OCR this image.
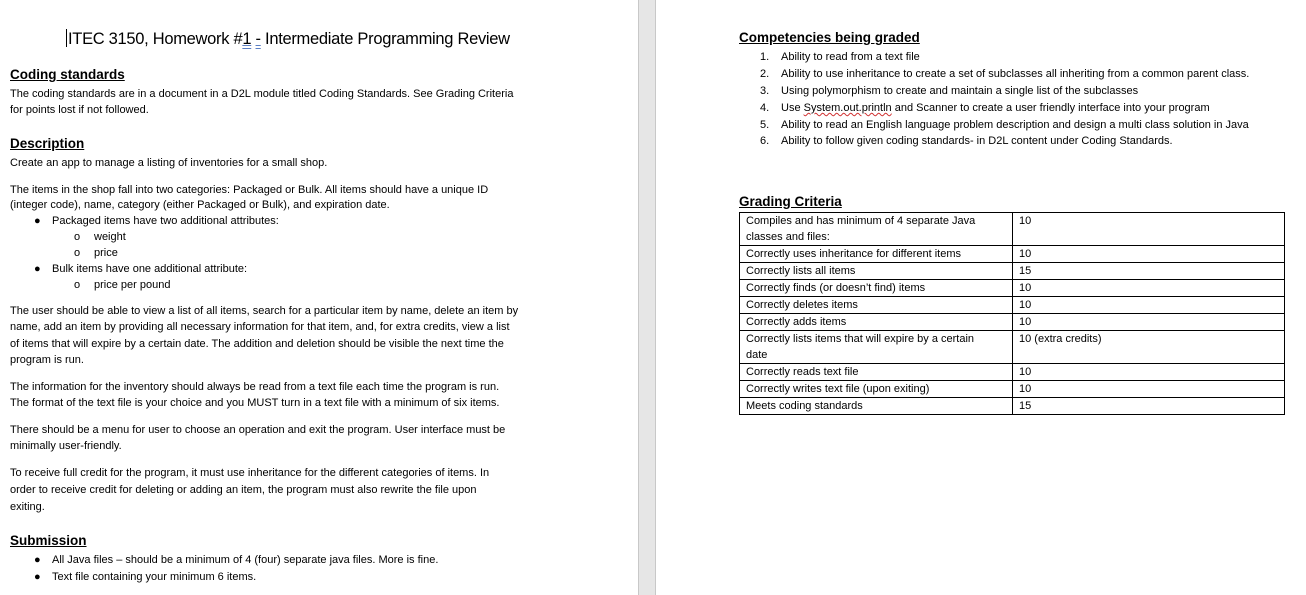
ITEC 3150, Homework #1 - Intermediate Programming Review
Coding standards
The coding standards are in a document in a D2L module titled Coding Standards. See Grading Criteria
for points lost if not followed.
Description
Create an app to manage a listing of inventories for a small shop.
The items in the shop fall into two categories: Packaged or Bulk. All items should have a unique ID
(integer code), name, category (either Packaged or Bulk), and expiration date.
● Packaged items have two additional attributes:
o weight
o price
● Bulk items have one additional attribute:
o price per pound
The user should be able to view a list of all items, search for a particular item by name, delete an item by
name, add an item by providing all necessary information for that item, and, for extra credits, view a list
of items that will expire by a certain date. The addition and deletion should be visible the next time the
program is run.
The information for the inventory should always be read from a text file each time the program is run.
The format of the text file is your choice and you MUST turn in a text file with a minimum of six items.
There should be a menu for user to choose an operation and exit the program. User interface must be
minimally user-friendly.
To receive full credit for the program, it must use inheritance for the different categories of items. In
order to receive credit for deleting or adding an item, the program must also rewrite the file upon
exiting.
Submission
● All Java files – should be a minimum of 4 (four) separate java files. More is fine.
● Text file containing your minimum 6 items.
Competencies being graded
1. Ability to read from a text file
2. Ability to use inheritance to create a set of subclasses all inheriting from a common parent class.
3. Using polymorphism to create and maintain a single list of the subclasses
4. Use System.out.println and Scanner to create a user friendly interface into your program
5. Ability to read an English language problem description and design a multi class solution in Java
6. Ability to follow given coding standards- in D2L content under Coding Standards.
Grading Criteria
Compiles and has minimum of 4 separate Java
classes and files:	10
Correctly uses inheritance for different items	10
Correctly lists all items	15
Correctly finds (or doesn’t find) items	10
Correctly deletes items	10
Correctly adds items	10
Correctly lists items that will expire by a certain
date	10 (extra credits)
Correctly reads text file	10
Correctly writes text file (upon exiting)	10
Meets coding standards	15
